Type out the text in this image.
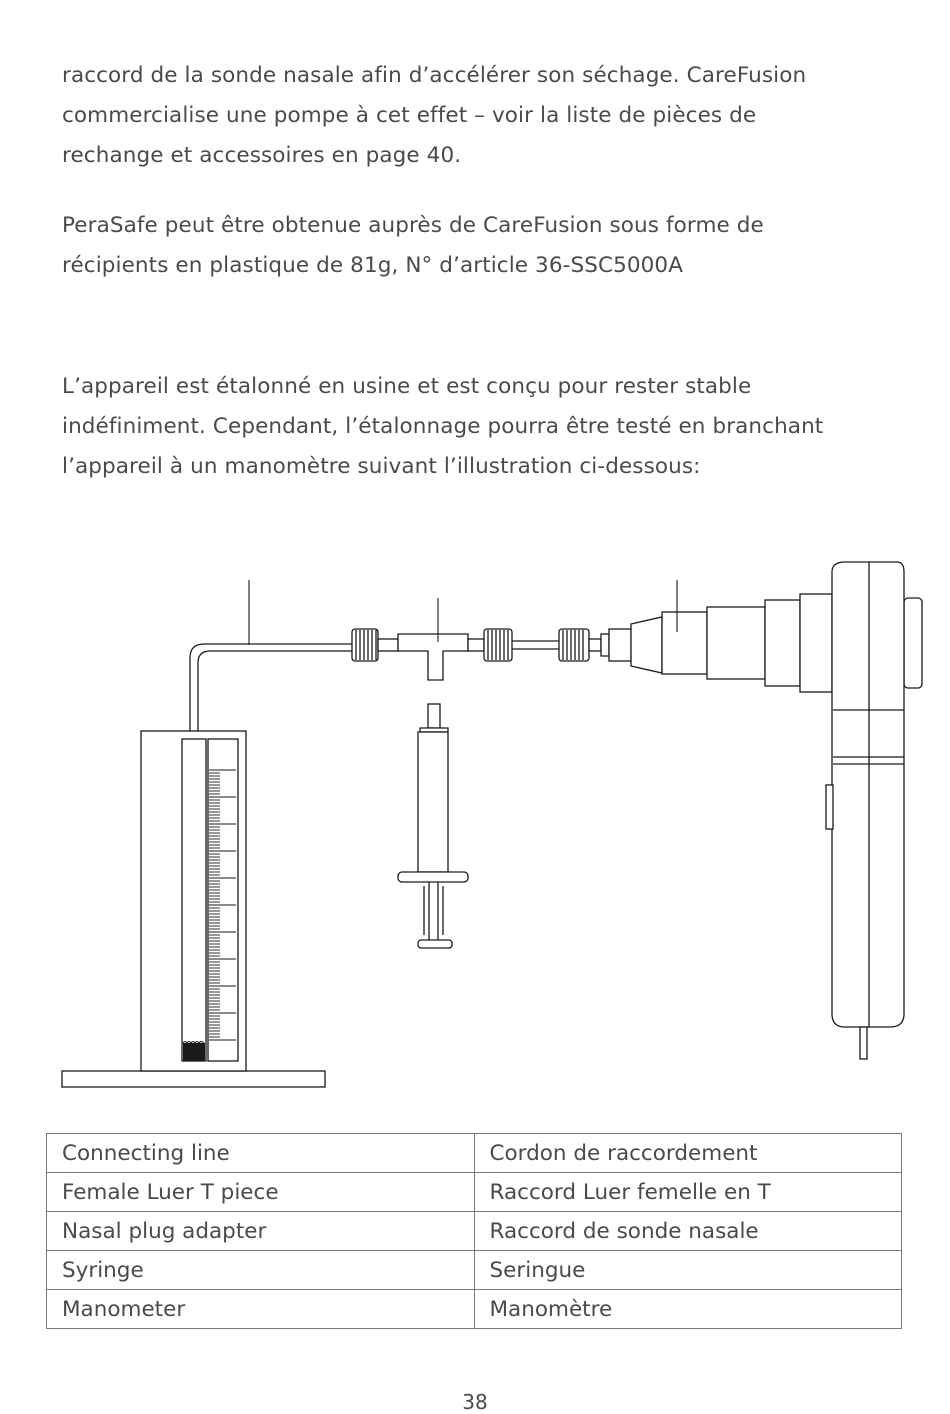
raccord de la sonde nasale afin d’accélérer son séchage. CareFusion
commercialise une pompe à cet effet – voir la liste de pièces de
rechange et accessoires en page 40.

PeraSafe peut être obtenue auprès de CareFusion sous forme de
récipients en plastique de 81g, N° d’article 36-SSC5000A

L’appareil est étalonné en usine et est conçu pour rester stable
indéfiniment. Cependant, l’étalonnage pourra être testé en branchant
l’appareil à un manomètre suivant l’illustration ci-dessous:

Connecting line	Cordon de raccordement
Female Luer T piece	Raccord Luer femelle en T
Nasal plug adapter	Raccord de sonde nasale
Syringe	Seringue
Manometer	Manomètre
38
